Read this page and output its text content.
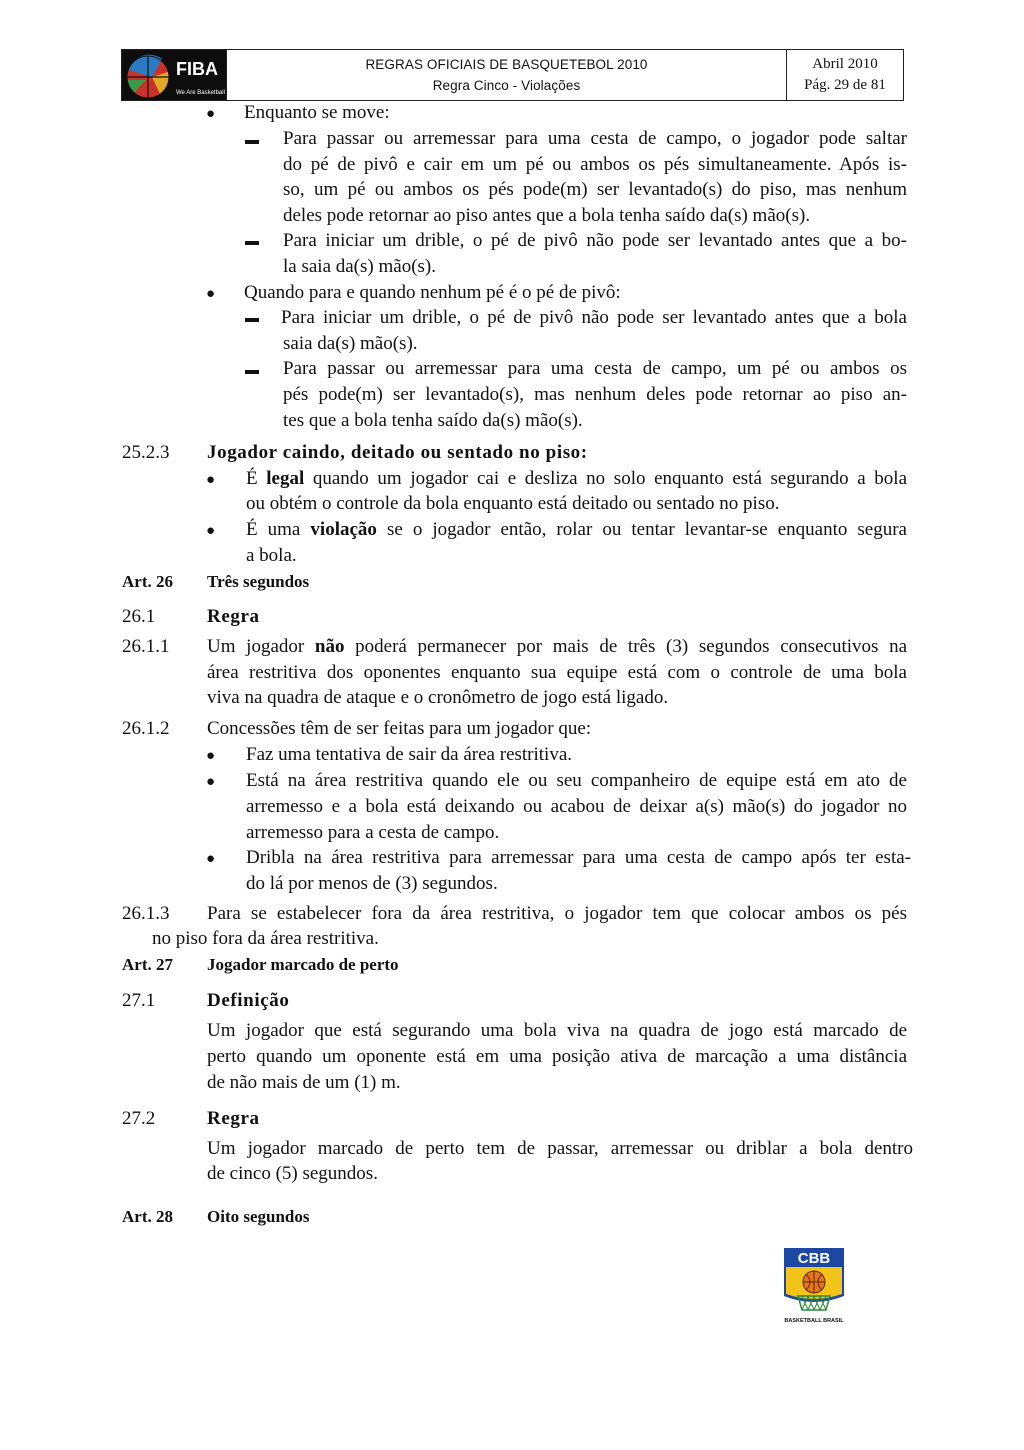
FIBA
We Are Basketball
REGRAS OFICIAIS DE BASQUETEBOL 2010
Regra Cinco - Violações
Abril 2010
Pág. 29 de 81
● Enquanto se move:
Para passar ou arremessar para uma cesta de campo, o jogador pode saltar
do pé de pivô e cair em um pé ou ambos os pés simultaneamente. Após is-
so, um pé ou ambos os pés pode(m) ser levantado(s) do piso, mas nenhum
deles pode retornar ao piso antes que a bola tenha saído da(s) mão(s).
Para iniciar um drible, o pé de pivô não pode ser levantado antes que a bo-
la saia da(s) mão(s).
● Quando para e quando nenhum pé é o pé de pivô:
Para iniciar um drible, o pé de pivô não pode ser levantado antes que a bola
saia da(s) mão(s).
Para passar ou arremessar para uma cesta de campo, um pé ou ambos os
pés pode(m) ser levantado(s), mas nenhum deles pode retornar ao piso an-
tes que a bola tenha saído da(s) mão(s).
25.2.3 Jogador caindo, deitado ou sentado no piso:
● É legal quando um jogador cai e desliza no solo enquanto está segurando a bola
ou obtém o controle da bola enquanto está deitado ou sentado no piso.
● É uma violação se o jogador então, rolar ou tentar levantar-se enquanto segura
a bola.
Art. 26 Três segundos
26.1	Regra
26.1.1 Um jogador não poderá permanecer por mais de três (3) segundos consecutivos na
área restritiva dos oponentes enquanto sua equipe está com o controle de uma bola
viva na quadra de ataque e o cronômetro de jogo está ligado.
26.1.2 Concessões têm de ser feitas para um jogador que:
● Faz uma tentativa de sair da área restritiva.
● Está na área restritiva quando ele ou seu companheiro de equipe está em ato de
arremesso e a bola está deixando ou acabou de deixar a(s) mão(s) do jogador no
arremesso para a cesta de campo.
● Dribla na área restritiva para arremessar para uma cesta de campo após ter esta-
do lá por menos de (3) segundos.
26.1.3 Para se estabelecer fora da área restritiva, o jogador tem que colocar ambos os pés
no piso fora da área restritiva.
Art. 27 Jogador marcado de perto
27.1	Definição
Um jogador que está segurando uma bola viva na quadra de jogo está marcado de
perto quando um oponente está em uma posição ativa de marcação a uma distância
de não mais de um (1) m.
27.2	Regra
Um jogador marcado de perto tem de passar, arremessar ou driblar a bola dentro
de cinco (5) segundos.
Art. 28 Oito segundos
CBB
BASKETBALL BRASIL
